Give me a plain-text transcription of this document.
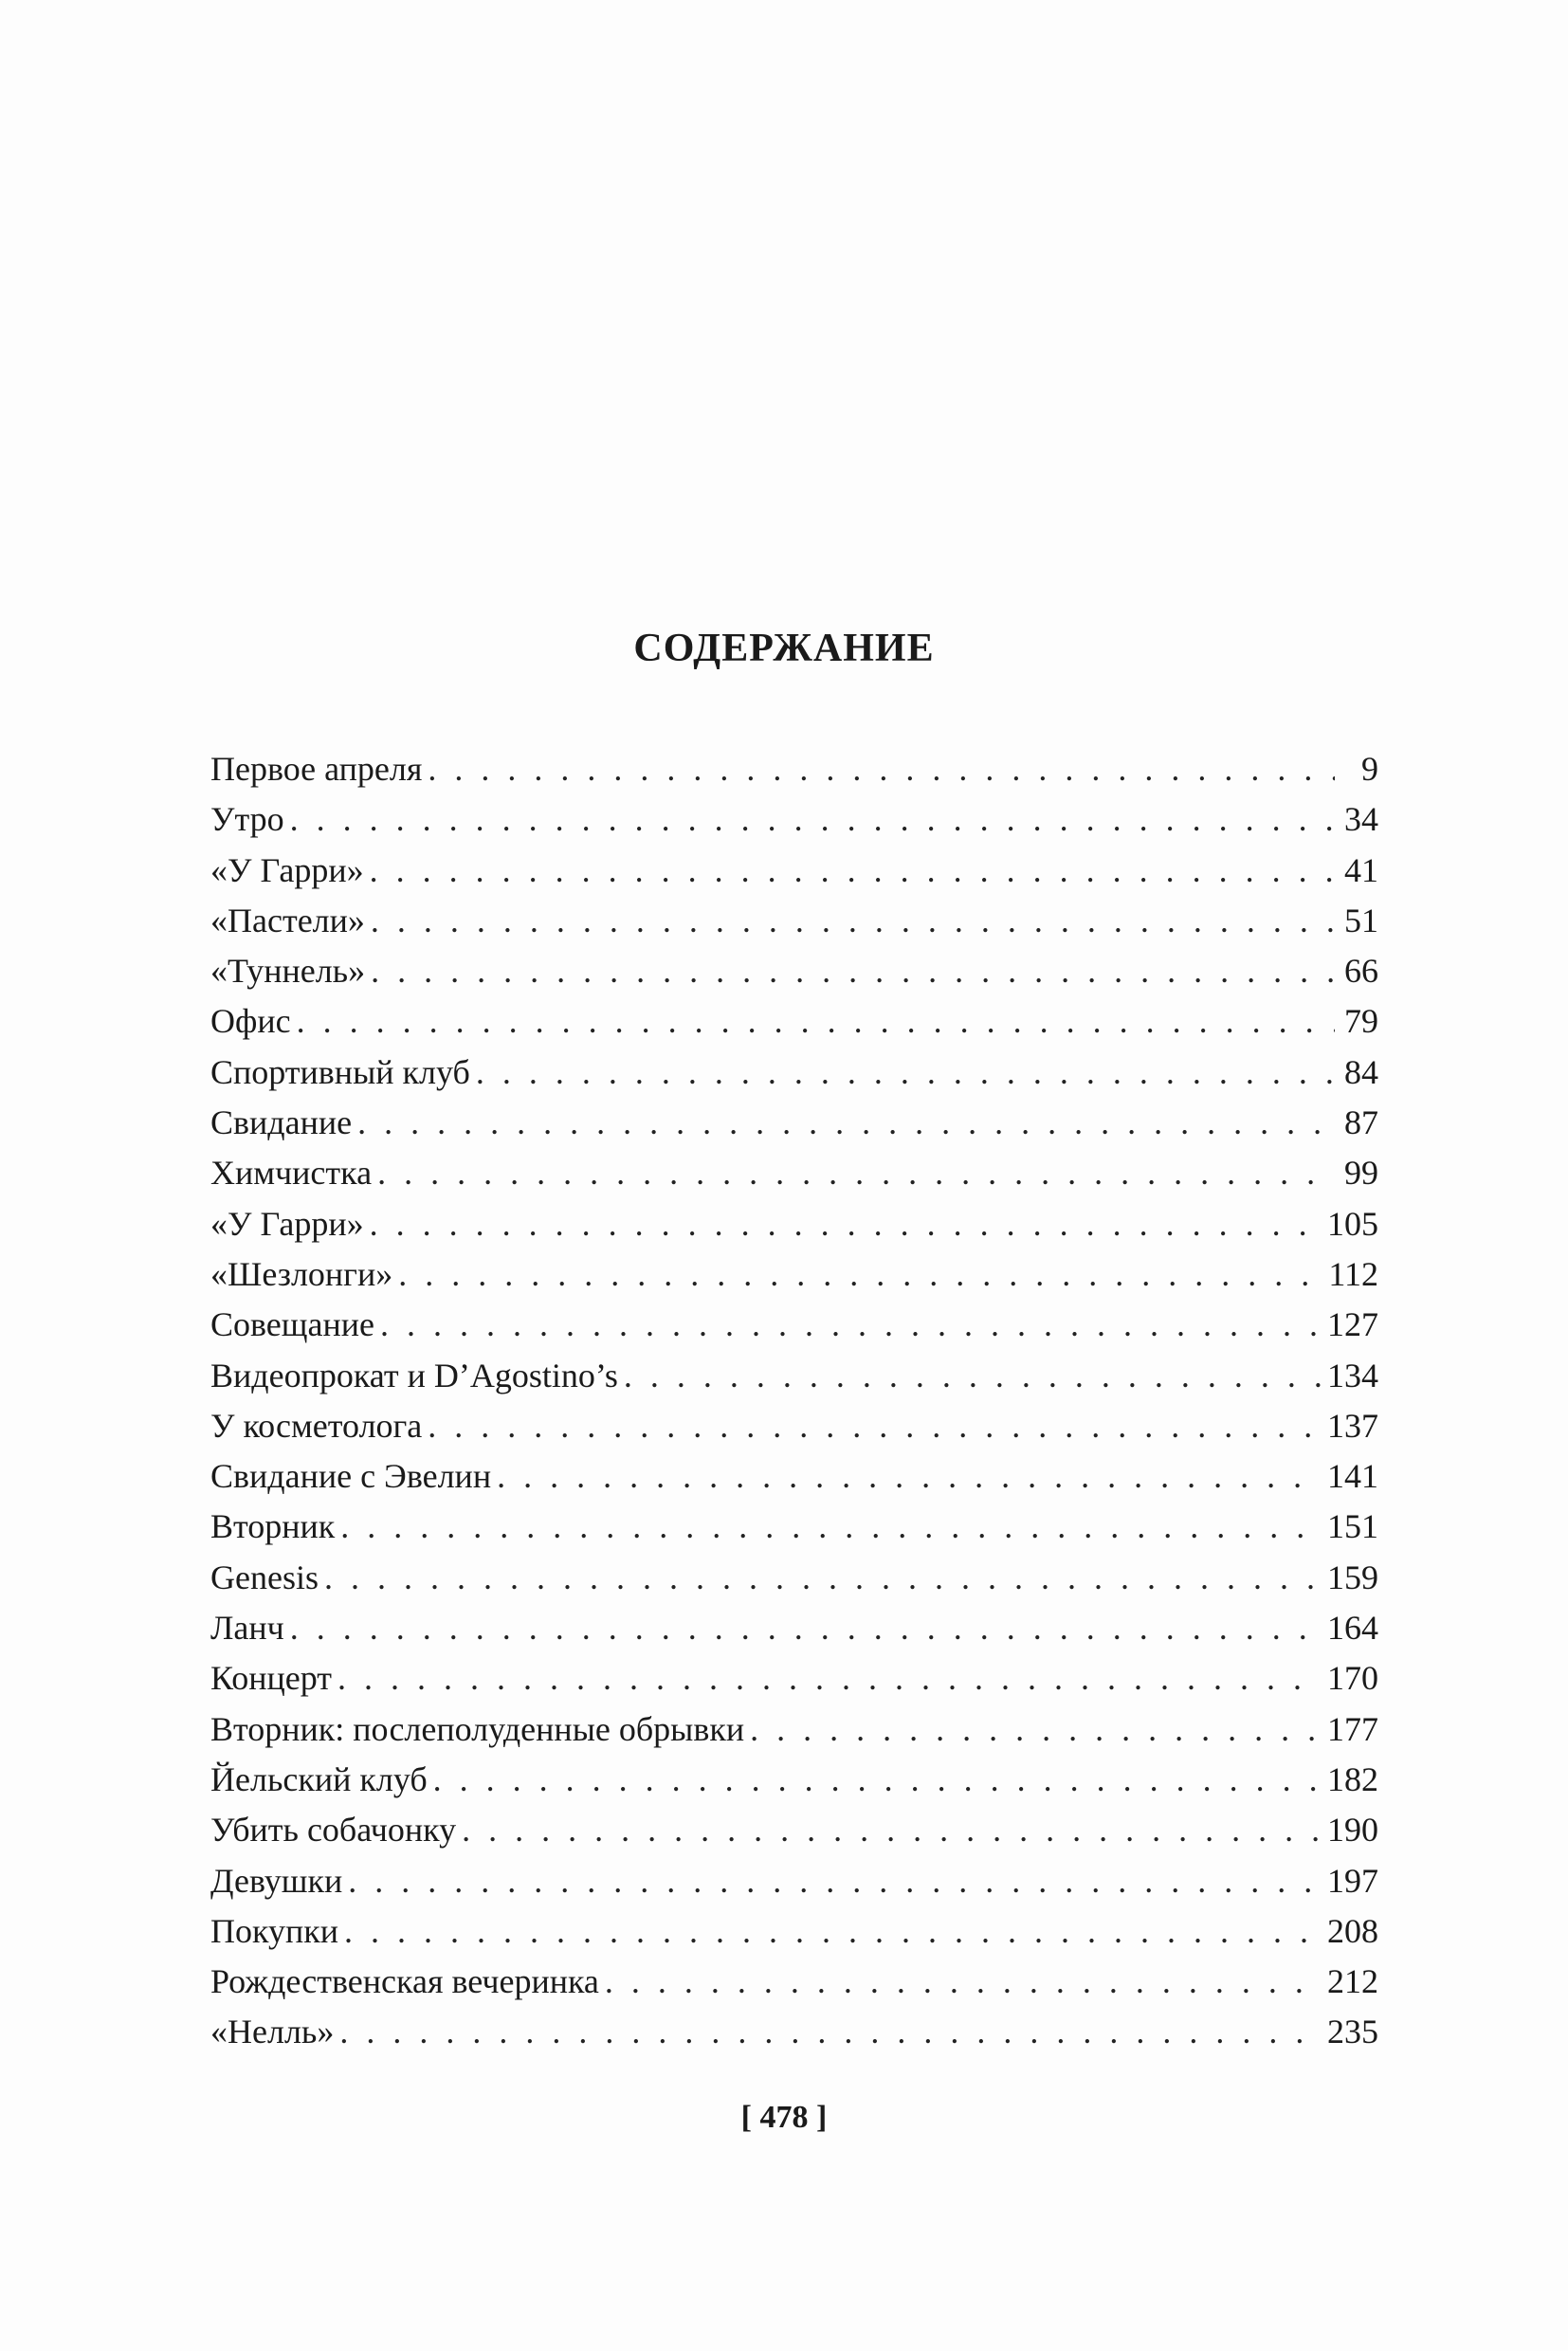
СОДЕРЖАНИЕ
Первое апреля . . .	9
Утро . . .	34
«У Гарри» . . .	41
«Пастели» . . .	51
«Туннель» . . .	66
Офис . . .	79
Спортивный клуб . . .	84
Свидание . . .	87
Химчистка . . .	99
«У Гарри» . . .	105
«Шезлонги» . . .	112
Совещание . . .	127
Видеопрокат и D’Agostino’s . . .	134
У косметолога . . .	137
Свидание с Эвелин . . .	141
Вторник . . .	151
Genesis . . .	159
Ланч . . .	164
Концерт . . .	170
Вторник: послеполуденные обрывки . . .	177
Йельский клуб . . .	182
Убить собачонку . . .	190
Девушки . . .	197
Покупки . . .	208
Рождественская вечеринка . . .	212
«Нелль» . . .	235
[ 478 ]
